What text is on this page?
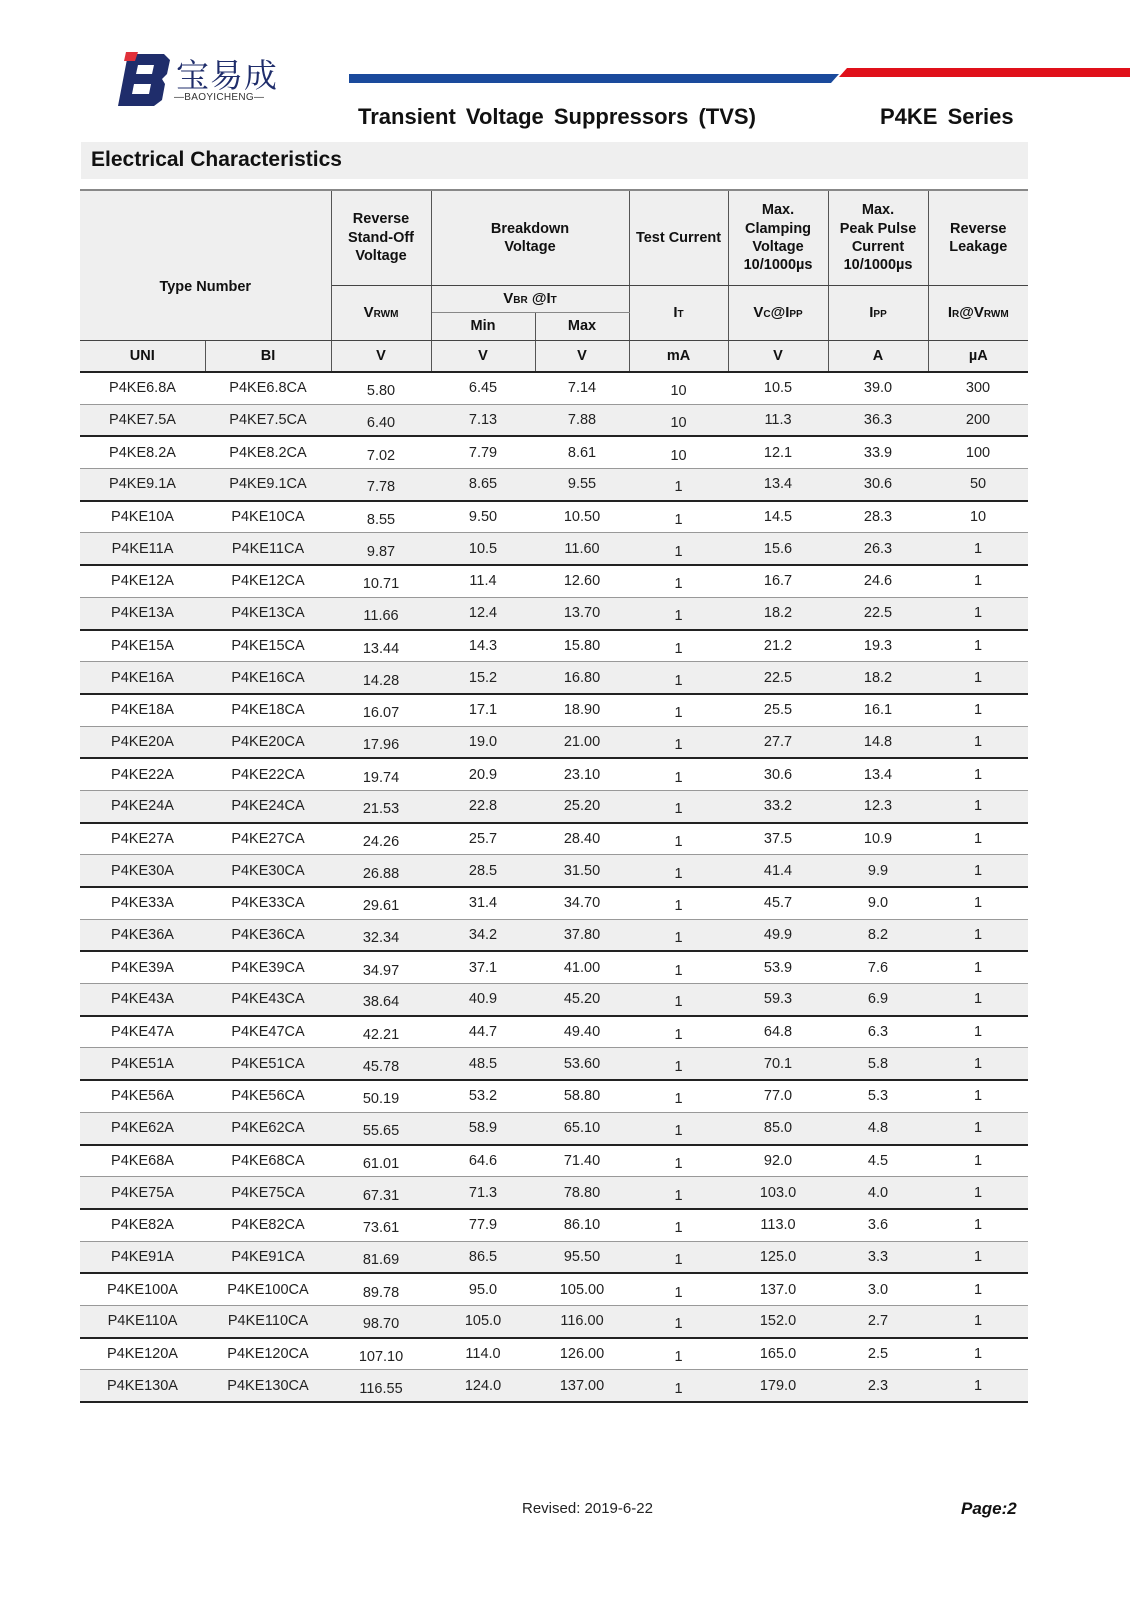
宝易成
—BAOYICHENG—
Transient Voltage Suppressors (TVS)	P4KE Series
Electrical Characteristics
Type Number		Reverse
Stand-Off
Voltage	Breakdown
Voltage		Test Current	Max.
Clamping
Voltage
10/1000µs	Max.
Peak Pulse
Current
10/1000µs	Reverse
Leakage
		VRWM	VBR @IT		IT	VC@IPP	IPP	IR@VRWM
			Min	Max				
UNI	BI	V	V	V	mA	V	A	µA
P4KE6.8A	P4KE6.8CA	5.80	6.45	7.14	10	10.5	39.0	300
P4KE7.5A	P4KE7.5CA	6.40	7.13	7.88	10	11.3	36.3	200
P4KE8.2A	P4KE8.2CA	7.02	7.79	8.61	10	12.1	33.9	100
P4KE9.1A	P4KE9.1CA	7.78	8.65	9.55	1	13.4	30.6	50
P4KE10A	P4KE10CA	8.55	9.50	10.50	1	14.5	28.3	10
P4KE11A	P4KE11CA	9.87	10.5	11.60	1	15.6	26.3	1
P4KE12A	P4KE12CA	10.71	11.4	12.60	1	16.7	24.6	1
P4KE13A	P4KE13CA	11.66	12.4	13.70	1	18.2	22.5	1
P4KE15A	P4KE15CA	13.44	14.3	15.80	1	21.2	19.3	1
P4KE16A	P4KE16CA	14.28	15.2	16.80	1	22.5	18.2	1
P4KE18A	P4KE18CA	16.07	17.1	18.90	1	25.5	16.1	1
P4KE20A	P4KE20CA	17.96	19.0	21.00	1	27.7	14.8	1
P4KE22A	P4KE22CA	19.74	20.9	23.10	1	30.6	13.4	1
P4KE24A	P4KE24CA	21.53	22.8	25.20	1	33.2	12.3	1
P4KE27A	P4KE27CA	24.26	25.7	28.40	1	37.5	10.9	1
P4KE30A	P4KE30CA	26.88	28.5	31.50	1	41.4	9.9	1
P4KE33A	P4KE33CA	29.61	31.4	34.70	1	45.7	9.0	1
P4KE36A	P4KE36CA	32.34	34.2	37.80	1	49.9	8.2	1
P4KE39A	P4KE39CA	34.97	37.1	41.00	1	53.9	7.6	1
P4KE43A	P4KE43CA	38.64	40.9	45.20	1	59.3	6.9	1
P4KE47A	P4KE47CA	42.21	44.7	49.40	1	64.8	6.3	1
P4KE51A	P4KE51CA	45.78	48.5	53.60	1	70.1	5.8	1
P4KE56A	P4KE56CA	50.19	53.2	58.80	1	77.0	5.3	1
P4KE62A	P4KE62CA	55.65	58.9	65.10	1	85.0	4.8	1
P4KE68A	P4KE68CA	61.01	64.6	71.40	1	92.0	4.5	1
P4KE75A	P4KE75CA	67.31	71.3	78.80	1	103.0	4.0	1
P4KE82A	P4KE82CA	73.61	77.9	86.10	1	113.0	3.6	1
P4KE91A	P4KE91CA	81.69	86.5	95.50	1	125.0	3.3	1
P4KE100A	P4KE100CA	89.78	95.0	105.00	1	137.0	3.0	1
P4KE110A	P4KE110CA	98.70	105.0	116.00	1	152.0	2.7	1
P4KE120A	P4KE120CA	107.10	114.0	126.00	1	165.0	2.5	1
P4KE130A	P4KE130CA	116.55	124.0	137.00	1	179.0	2.3	1
Revised: 2019-6-22	Page:2
